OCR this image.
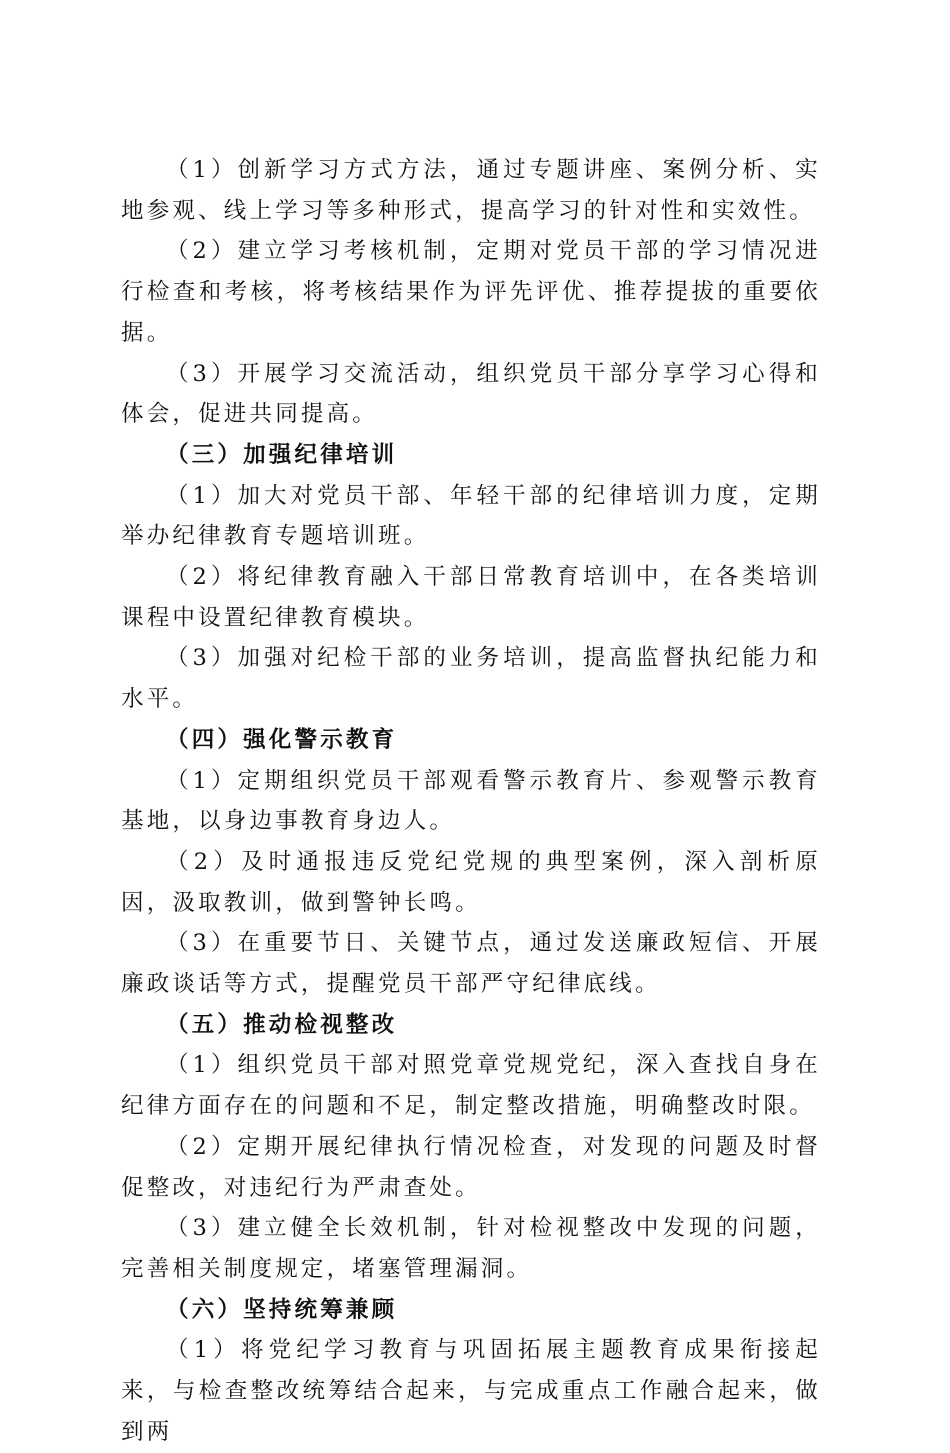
（1）创新学习方式方法，通过专题讲座、案例分析、实地参观、线上学习等多种形式，提高学习的针对性和实效性。

（2）建立学习考核机制，定期对党员干部的学习情况进行检查和考核，将考核结果作为评先评优、推荐提拔的重要依据。

（3）开展学习交流活动，组织党员干部分享学习心得和体会，促进共同提高。

（三）加强纪律培训

（1）加大对党员干部、年轻干部的纪律培训力度，定期举办纪律教育专题培训班。

（2）将纪律教育融入干部日常教育培训中，在各类培训课程中设置纪律教育模块。

（3）加强对纪检干部的业务培训，提高监督执纪能力和水平。

（四）强化警示教育

（1）定期组织党员干部观看警示教育片、参观警示教育基地，以身边事教育身边人。

（2）及时通报违反党纪党规的典型案例，深入剖析原因，汲取教训，做到警钟长鸣。

（3）在重要节日、关键节点，通过发送廉政短信、开展廉政谈话等方式，提醒党员干部严守纪律底线。

（五）推动检视整改

（1）组织党员干部对照党章党规党纪，深入查找自身在纪律方面存在的问题和不足，制定整改措施，明确整改时限。

（2）定期开展纪律执行情况检查，对发现的问题及时督促整改，对违纪行为严肃查处。

（3）建立健全长效机制，针对检视整改中发现的问题，完善相关制度规定，堵塞管理漏洞。

（六）坚持统筹兼顾

（1）将党纪学习教育与巩固拓展主题教育成果衔接起来，与检查整改统筹结合起来，与完成重点工作融合起来，做到两
